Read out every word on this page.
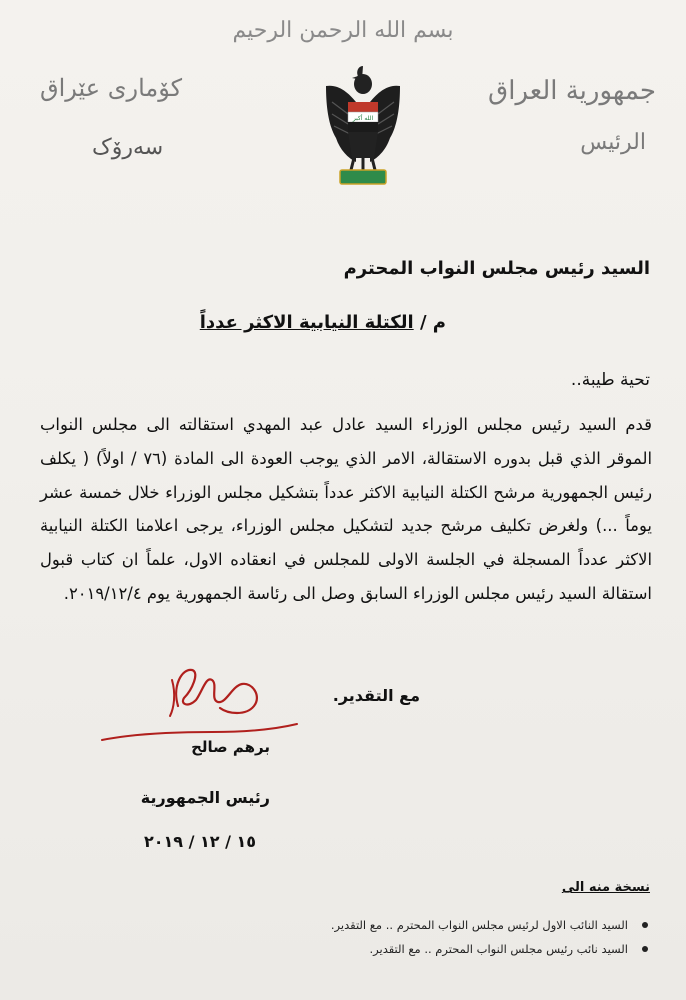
بسم الله الرحمن الرحيم
جمهورية العراق
الرئيس
كۆماری عێراق
سەرۆک
الله أكبر
السيد رئيس مجلس النواب المحترم
م / الكتلة النيابية الاكثر عدداً
تحية طيبة..
قدم السيد رئيس مجلس الوزراء السيد عادل عبد المهدي استقالته الى مجلس النواب الموقر الذي قبل بدوره الاستقالة، الامر الذي يوجب العودة الى المادة (٧٦ / اولاً) ( يكلف رئيس الجمهورية مرشح الكتلة النيابية الاكثر عدداً بتشكيل مجلس الوزراء خلال خمسة عشر يوماً ...) ولغرض تكليف مرشح جديد لتشكيل مجلس الوزراء، يرجى اعلامنا الكتلة النيابية الاكثر عدداً المسجلة في الجلسة الاولى للمجلس في انعقاده الاول، علماً ان كتاب قبول استقالة السيد رئيس مجلس الوزراء السابق وصل الى رئاسة الجمهورية يوم ٢٠١٩/١٢/٤.
مع التقدير.
برهم صالح
رئيس الجمهورية
١٥ / ١٢ / ٢٠١٩
نسخة منه الى
السيد النائب الاول لرئيس مجلس النواب المحترم .. مع التقدير.
السيد نائب رئيس مجلس النواب المحترم .. مع التقدير.
